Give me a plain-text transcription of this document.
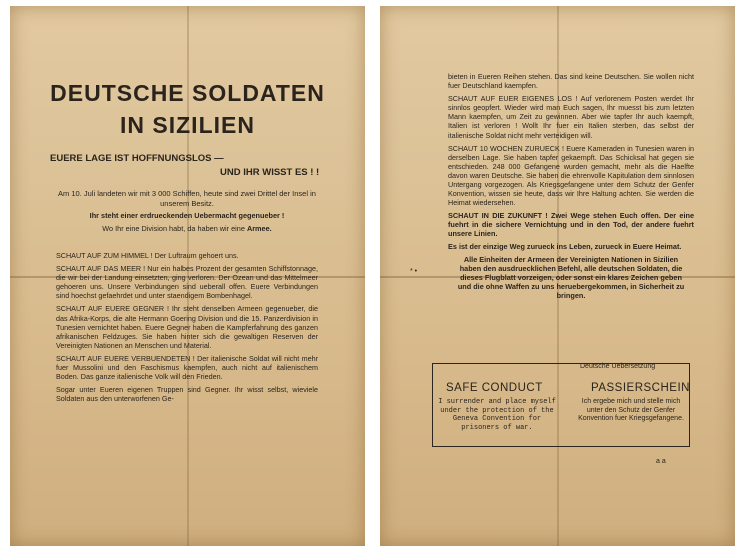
DEUTSCHE SOLDATEN
IN SIZILIEN
EUERE LAGE IST HOFFNUNGSLOS —
UND IHR WISST ES ! !
Am 10. Juli landeten wir mit 3 000 Schiffen, heute sind zwei Drittel der Insel in unserem Besitz.
Ihr steht einer erdrueckenden Uebermacht gegenueber !
Wo Ihr eine Division habt, da haben wir eine Armee.

SCHAUT AUF ZUM HIMMEL ! Der Luftraum gehoert uns.

SCHAUT AUF DAS MEER ! Nur ein halbes Prozent der gesamten Schiffstonnage, die wir bei der Landung einsetzten, ging verloren. Der Ozean und das Mittelmeer gehoeren uns. Unsere Verbindungen sind ueberall offen. Euere Verbindungen sind hoechst gefaehrdet und unter staendigem Bombenhagel.

SCHAUT AUF EUERE GEGNER ! Ihr steht denselben Armeen gegenueber, die das Afrika-Korps, die alte Hermann Goering Division und die 15. Panzerdivision in Tunesien vernichtet haben. Euere Gegner haben die Kampferfahrung des ganzen afrikanischen Feldzuges. Sie haben hinter sich die gewaltigen Reserven der Vereinigten Nationen an Menschen und Material.

SCHAUT AUF EUERE VERBUENDETEN ! Der italienische Soldat will nicht mehr fuer Mussolini und den Faschismus kaempfen, auch nicht auf italienischem Boden. Das ganze italienische Volk will den Frieden.

Sogar unter Eueren eigenen Truppen sind Gegner. Ihr wisst selbst, wieviele Soldaten aus den unterworfenen Ge-

bieten in Eueren Reihen stehen. Das sind keine Deutschen. Sie wollen nicht fuer Deutschland kaempfen.

SCHAUT AUF EUER EIGENES LOS ! Auf verlorenem Posten werdet Ihr sinnlos geopfert. Wieder wird man Euch sagen, Ihr muesst bis zum letzten Mann kaempfen, um Zeit zu gewinnen. Aber wie tapfer Ihr auch kaempft, Italien ist verloren ! Wollt Ihr fuer ein Italien sterben, das selbst der italienische Soldat nicht mehr verteidigen will.

SCHAUT 10 WOCHEN ZURUECK ! Euere Kameraden in Tunesien waren in derselben Lage. Sie haben tapfer gekaempft. Das Schicksal hat gegen sie entschieden. 248 000 Gefangene wurden gemacht, mehr als die Haelfte davon waren Deutsche. Sie haben die ehrenvolle Kapitulation dem sinnlosen Untergang vorgezogen. Als Kriegsgefangene unter dem Schutz der Genfer Konvention, wissen sie heute, dass wir Ihre Haltung achten. Sie werden die Heimat wiedersehen.

SCHAUT IN DIE ZUKUNFT ! Zwei Wege stehen Euch offen. Der eine fuehrt in die sichere Vernichtung und in den Tod, der andere fuehrt unsere Linien.

Es ist der einzige Weg zurueck ins Leben, zurueck in Euere Heimat.

Alle Einheiten der Armeen der Vereinigten Nationen in Sizilien haben den ausdruecklichen Befehl, alle deutschen Soldaten, die dieses Flugblatt vorzeigen, oder sonst ein klares Zeichen geben und die ohne Waffen zu uns heruebergekommen, in Sicherheit zu bringen.

Deutsche Uebersetzung
SAFE CONDUCT	PASSIERSCHEIN
I surrender and place myself under the protection of the Geneva Convention for prisoners of war.
Ich ergebe mich und stelle mich unter den Schutz der Genfer Konvention fuer Kriegsgefangene.
* •
a a
